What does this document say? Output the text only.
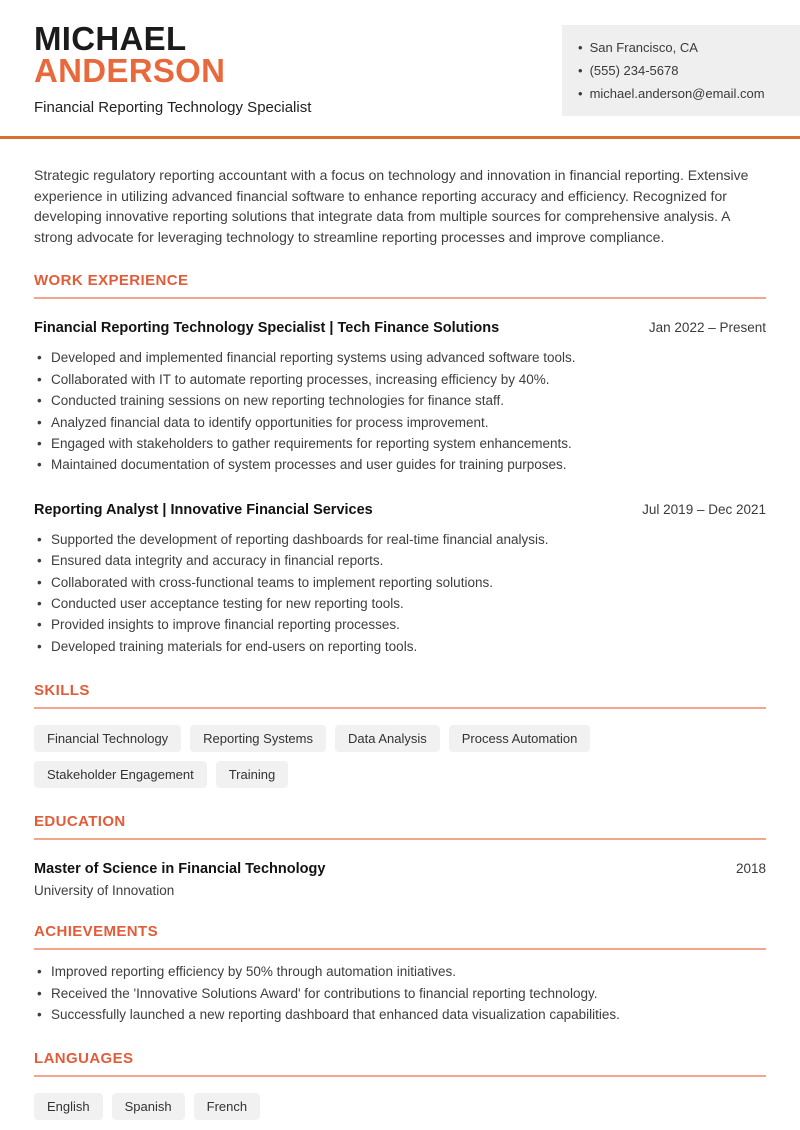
MICHAEL
ANDERSON
Financial Reporting Technology Specialist
• San Francisco, CA
• (555) 234-5678
• michael.anderson@email.com

Strategic regulatory reporting accountant with a focus on technology and innovation in financial reporting. Extensive experience in utilizing advanced financial software to enhance reporting accuracy and efficiency. Recognized for developing innovative reporting solutions that integrate data from multiple sources for comprehensive analysis. A strong advocate for leveraging technology to streamline reporting processes and improve compliance.

WORK EXPERIENCE
Financial Reporting Technology Specialist | Tech Finance Solutions	Jan 2022 – Present
• Developed and implemented financial reporting systems using advanced software tools.
• Collaborated with IT to automate reporting processes, increasing efficiency by 40%.
• Conducted training sessions on new reporting technologies for finance staff.
• Analyzed financial data to identify opportunities for process improvement.
• Engaged with stakeholders to gather requirements for reporting system enhancements.
• Maintained documentation of system processes and user guides for training purposes.
Reporting Analyst | Innovative Financial Services	Jul 2019 – Dec 2021
• Supported the development of reporting dashboards for real-time financial analysis.
• Ensured data integrity and accuracy in financial reports.
• Collaborated with cross-functional teams to implement reporting solutions.
• Conducted user acceptance testing for new reporting tools.
• Provided insights to improve financial reporting processes.
• Developed training materials for end-users on reporting tools.
SKILLS
Financial Technology	Reporting Systems	Data Analysis	Process Automation
Stakeholder Engagement	Training
EDUCATION
Master of Science in Financial Technology	2018
University of Innovation
ACHIEVEMENTS
• Improved reporting efficiency by 50% through automation initiatives.
• Received the 'Innovative Solutions Award' for contributions to financial reporting technology.
• Successfully launched a new reporting dashboard that enhanced data visualization capabilities.
LANGUAGES
English	Spanish	French
